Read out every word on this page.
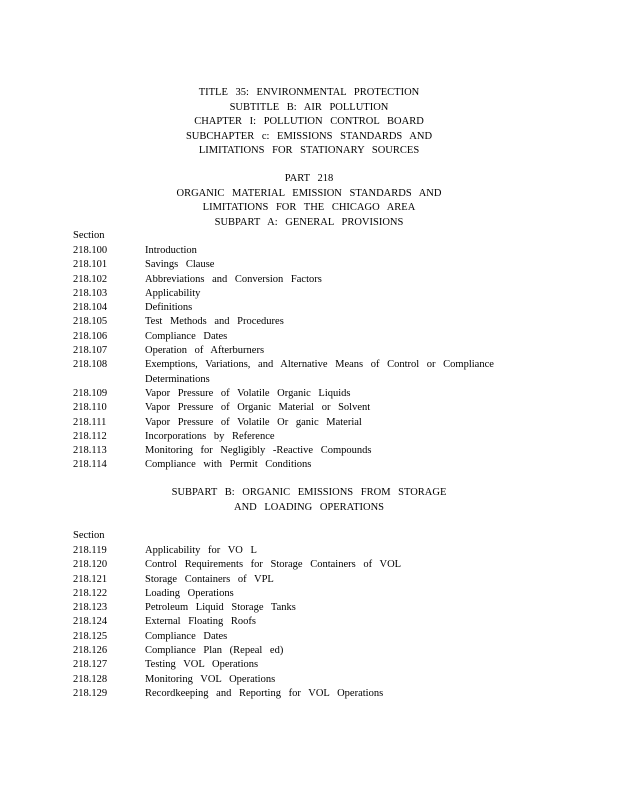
TITLE 35: ENVIRONMENTAL PROTECTION
SUBTITLE B: AIR POLLUTION
CHAPTER I: POLLUTION CONTROL BOARD
SUBCHAPTER c: EMISSIONS STANDARDS AND
LIMITATIONS FOR STATIONARY SOURCES
PART 218
ORGANIC MATERIAL EMISSION STANDARDS AND
LIMITATIONS FOR THE CHICAGO AREA
SUBPART A: GENERAL PROVISIONS
Section
218.100	Introduction
218.101	Savings Clause
218.102	Abbreviations and Conversion Factors
218.103	Applicability
218.104	Definitions
218.105	Test Methods and Procedures
218.106	Compliance Dates
218.107	Operation of Afterburners
218.108	Exemptions, Variations, and Alternative Means of Control or Compliance Determinations
218.109	Vapor Pressure of Volatile Organic Liquids
218.110	Vapor Pressure of Organic Material or Solvent
218.111	Vapor Pressure of Volatile Or ganic Material
218.112	Incorporations by Reference
218.113	Monitoring for Negligibly -Reactive Compounds
218.114	Compliance with Permit Conditions
SUBPART B: ORGANIC EMISSIONS FROM STORAGE
AND LOADING OPERATIONS
Section
218.119	Applicability for VO L
218.120	Control Requirements for Storage Containers of VOL
218.121	Storage Containers of VPL
218.122	Loading Operations
218.123	Petroleum Liquid Storage Tanks
218.124	External Floating Roofs
218.125	Compliance Dates
218.126	Compliance Plan (Repeal ed)
218.127	Testing VOL Operations
218.128	Monitoring VOL Operations
218.129	Recordkeeping and Reporting for VOL Operations
